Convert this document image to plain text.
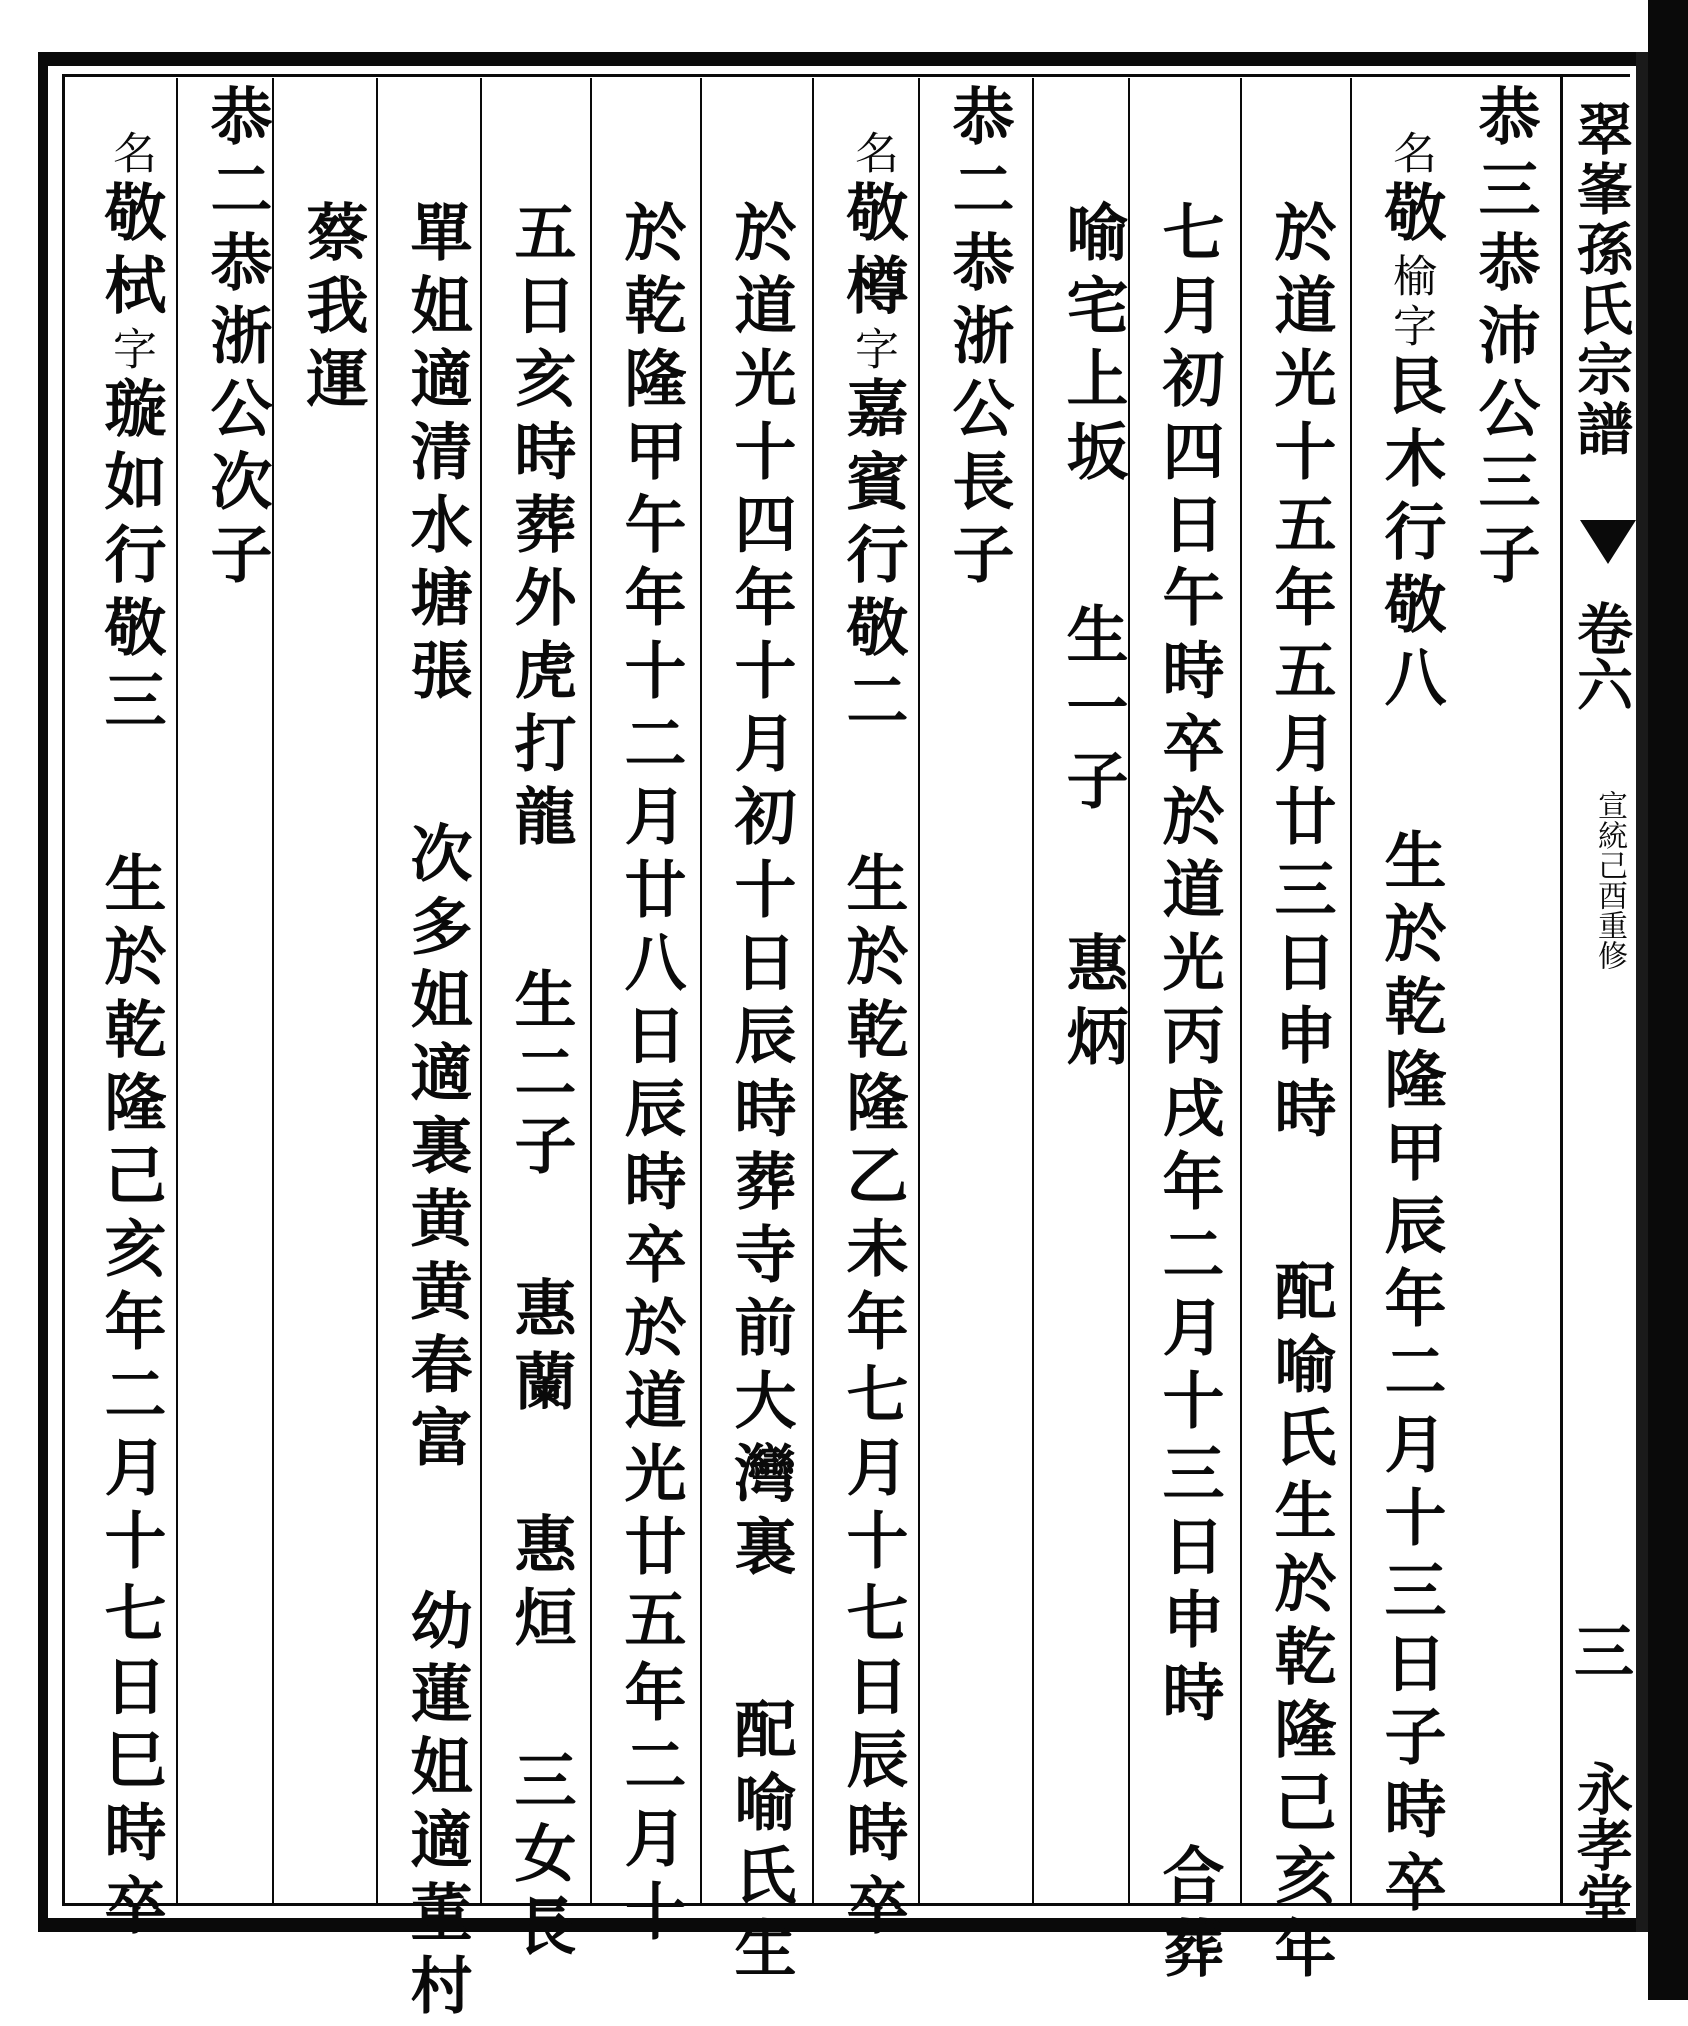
翠峯孫氏宗譜
卷六
宣統己酉重修
三
永孝堂
恭三恭沛公三子
名敬榆字艮木行敬八生於乾隆甲辰年二月十三日子時卒
於道光十五年五月廿三日申時配喻氏生於乾隆己亥年
七月初四日午時卒於道光丙戌年二月十三日申時合葬
喻宅上坂生一子惠炳
恭二恭浙公長子
名敬樽字嘉賓行敬二生於乾隆乙未年七月十七日辰時卒
於道光十四年十月初十日辰時葬寺前大灣裏配喻氏生
於乾隆甲午年十二月廿八日辰時卒於道光廿五年二月十
五日亥時葬外虎打龍生二子惠蘭惠烜三女長
單姐適清水塘張次多姐適裏黄黄春富幼蓮姐適董村
蔡我運
恭二恭浙公次子
名敬栻字璇如行敬三生於乾隆己亥年二月十七日巳時卒
